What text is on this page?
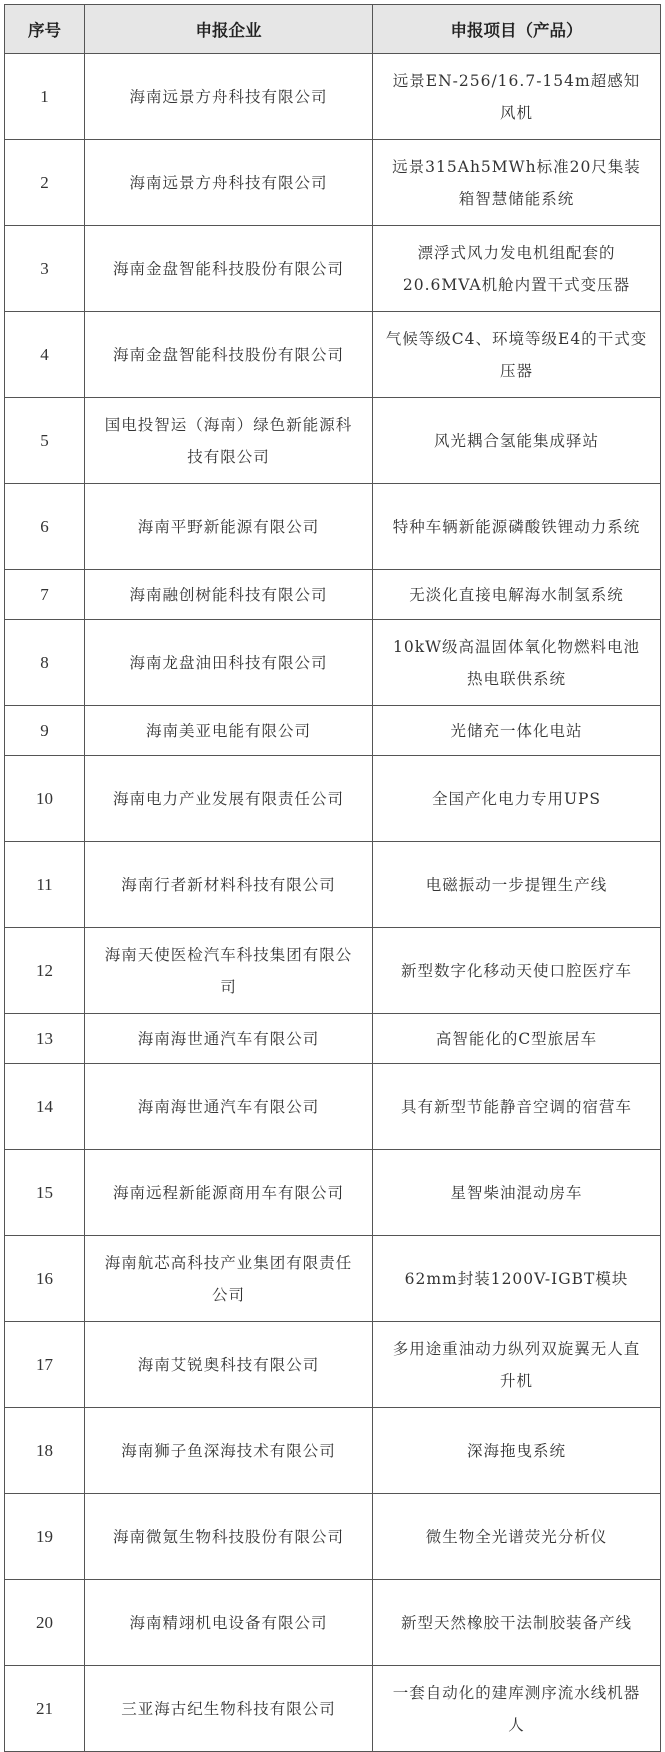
序号	申报企业	申报项目（产品）
1	海南远景方舟科技有限公司	远景EN-256/16.7-154m超感知风机

2	海南远景方舟科技有限公司	远景315Ah5MWh标准20尺集装箱智慧储能系统

3	海南金盘智能科技股份有限公司	漂浮式风力发电机组配套的20.6MVA机舱内置干式变压器

4	海南金盘智能科技股份有限公司	气候等级C4、环境等级E4的干式变压器

5	国电投智运（海南）绿色新能源科技有限公司	风光耦合氢能集成驿站

6	海南平野新能源有限公司	特种车辆新能源磷酸铁锂动力系统

7	海南融创树能科技有限公司	无淡化直接电解海水制氢系统

8	海南龙盘油田科技有限公司	10kW级高温固体氧化物燃料电池热电联供系统

9	海南美亚电能有限公司	光储充一体化电站

10	海南电力产业发展有限责任公司	全国产化电力专用UPS

11	海南行者新材料科技有限公司	电磁振动一步提锂生产线

12	海南天使医检汽车科技集团有限公司	新型数字化移动天使口腔医疗车

13	海南海世通汽车有限公司	高智能化的C型旅居车

14	海南海世通汽车有限公司	具有新型节能静音空调的宿营车

15	海南远程新能源商用车有限公司	星智柴油混动房车

16	海南航芯高科技产业集团有限责任公司	62mm封装1200V-IGBT模块

17	海南艾锐奥科技有限公司	多用途重油动力纵列双旋翼无人直升机

18	海南狮子鱼深海技术有限公司	深海拖曳系统

19	海南微氪生物科技股份有限公司	微生物全光谱荧光分析仪

20	海南精翊机电设备有限公司	新型天然橡胶干法制胶装备产线

21	三亚海古纪生物科技有限公司	一套自动化的建库测序流水线机器人
